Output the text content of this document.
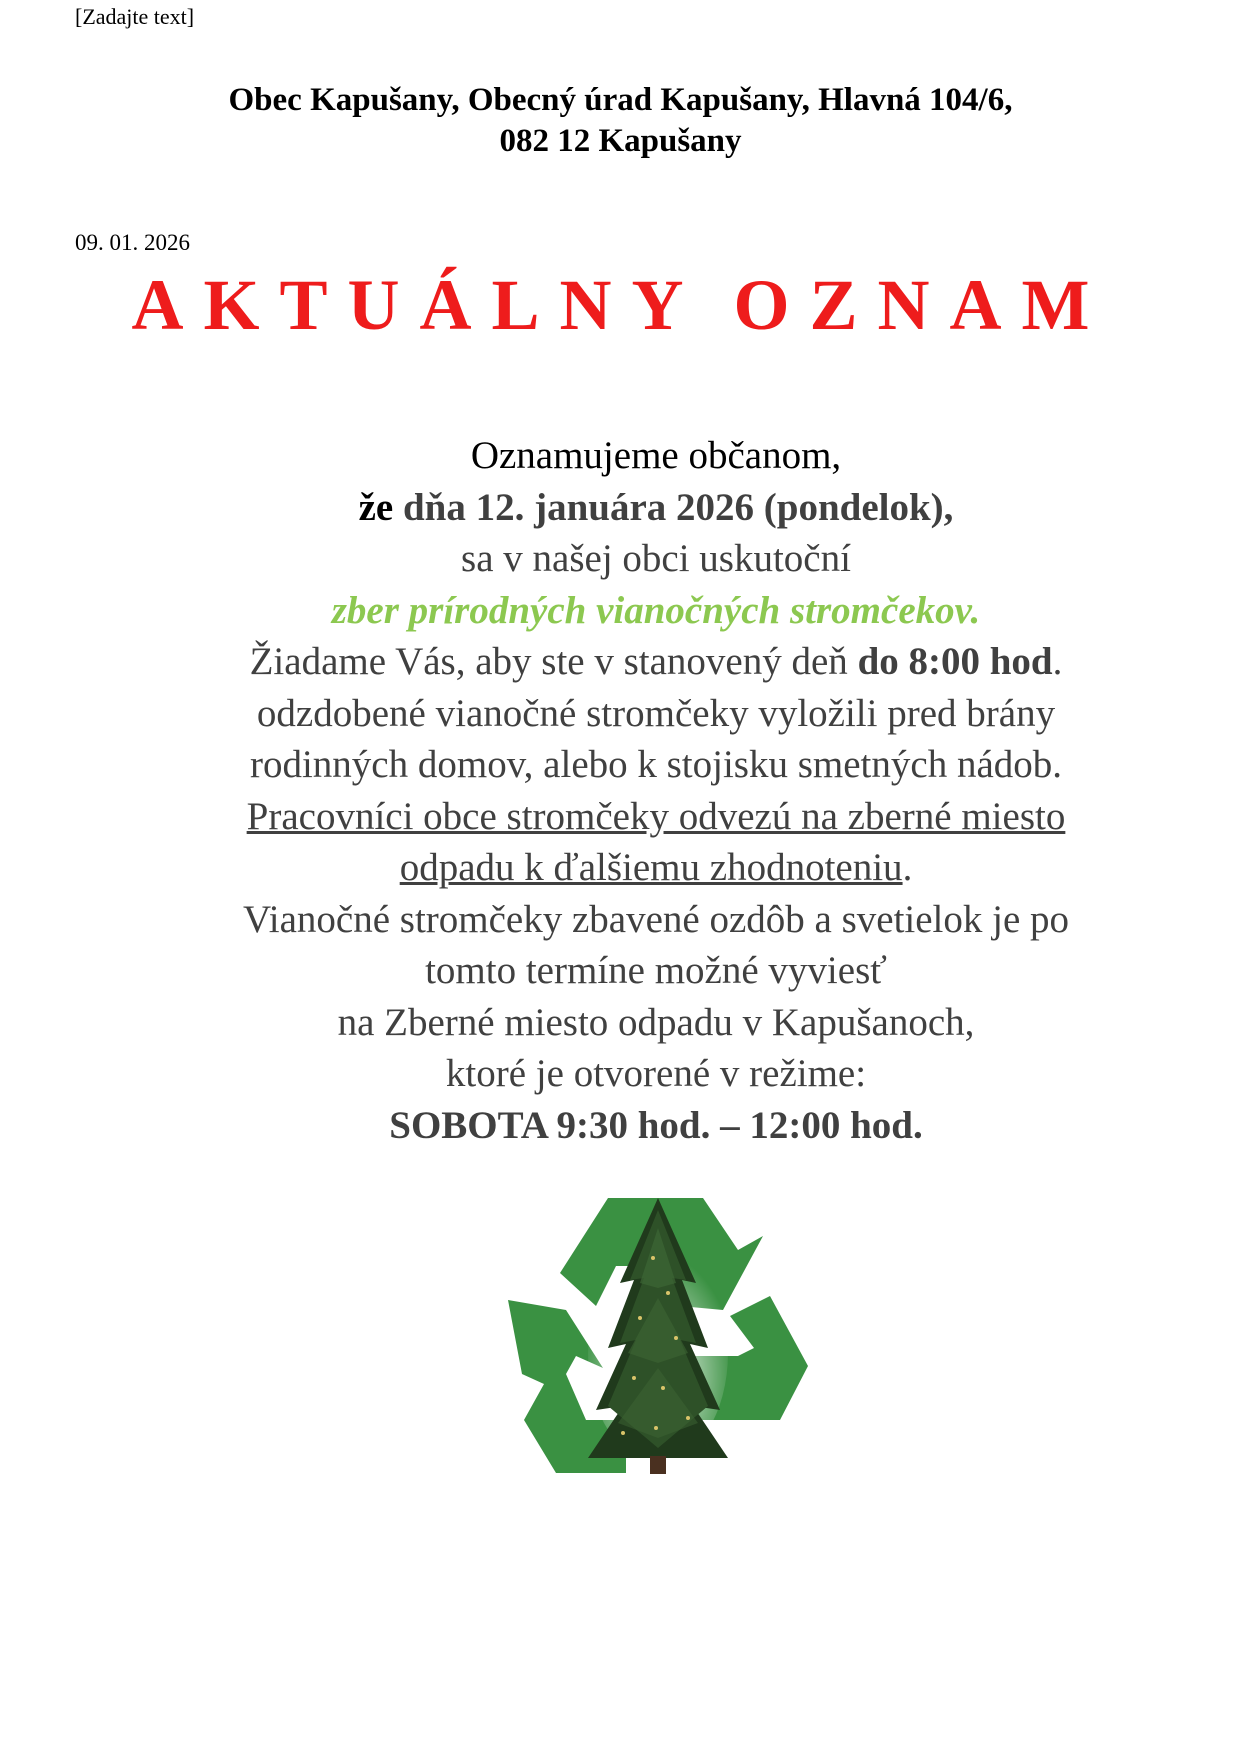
[Zadajte text]
Obec Kapušany, Obecný úrad Kapušany, Hlavná 104/6,
082 12 Kapušany
09. 01. 2026
AKTUÁLNY OZNAM
Oznamujeme občanom,
že dňa 12. januára 2026 (pondelok),
sa v našej obci uskutoční
zber prírodných vianočných stromčekov.
Žiadame Vás, aby ste v stanovený deň do 8:00 hod.
odzdobené vianočné stromčeky vyložili pred brány
rodinných domov, alebo k stojisku smetných nádob.
Pracovníci obce stromčeky odvezú na zberné miesto
odpadu k ďalšiemu zhodnoteniu.
Vianočné stromčeky zbavené ozdôb a svetielok je po
tomto termíne možné vyviesť
na Zberné miesto odpadu v Kapušanoch,
ktoré je otvorené v režime:
SOBOTA 9:30 hod. – 12:00 hod.
